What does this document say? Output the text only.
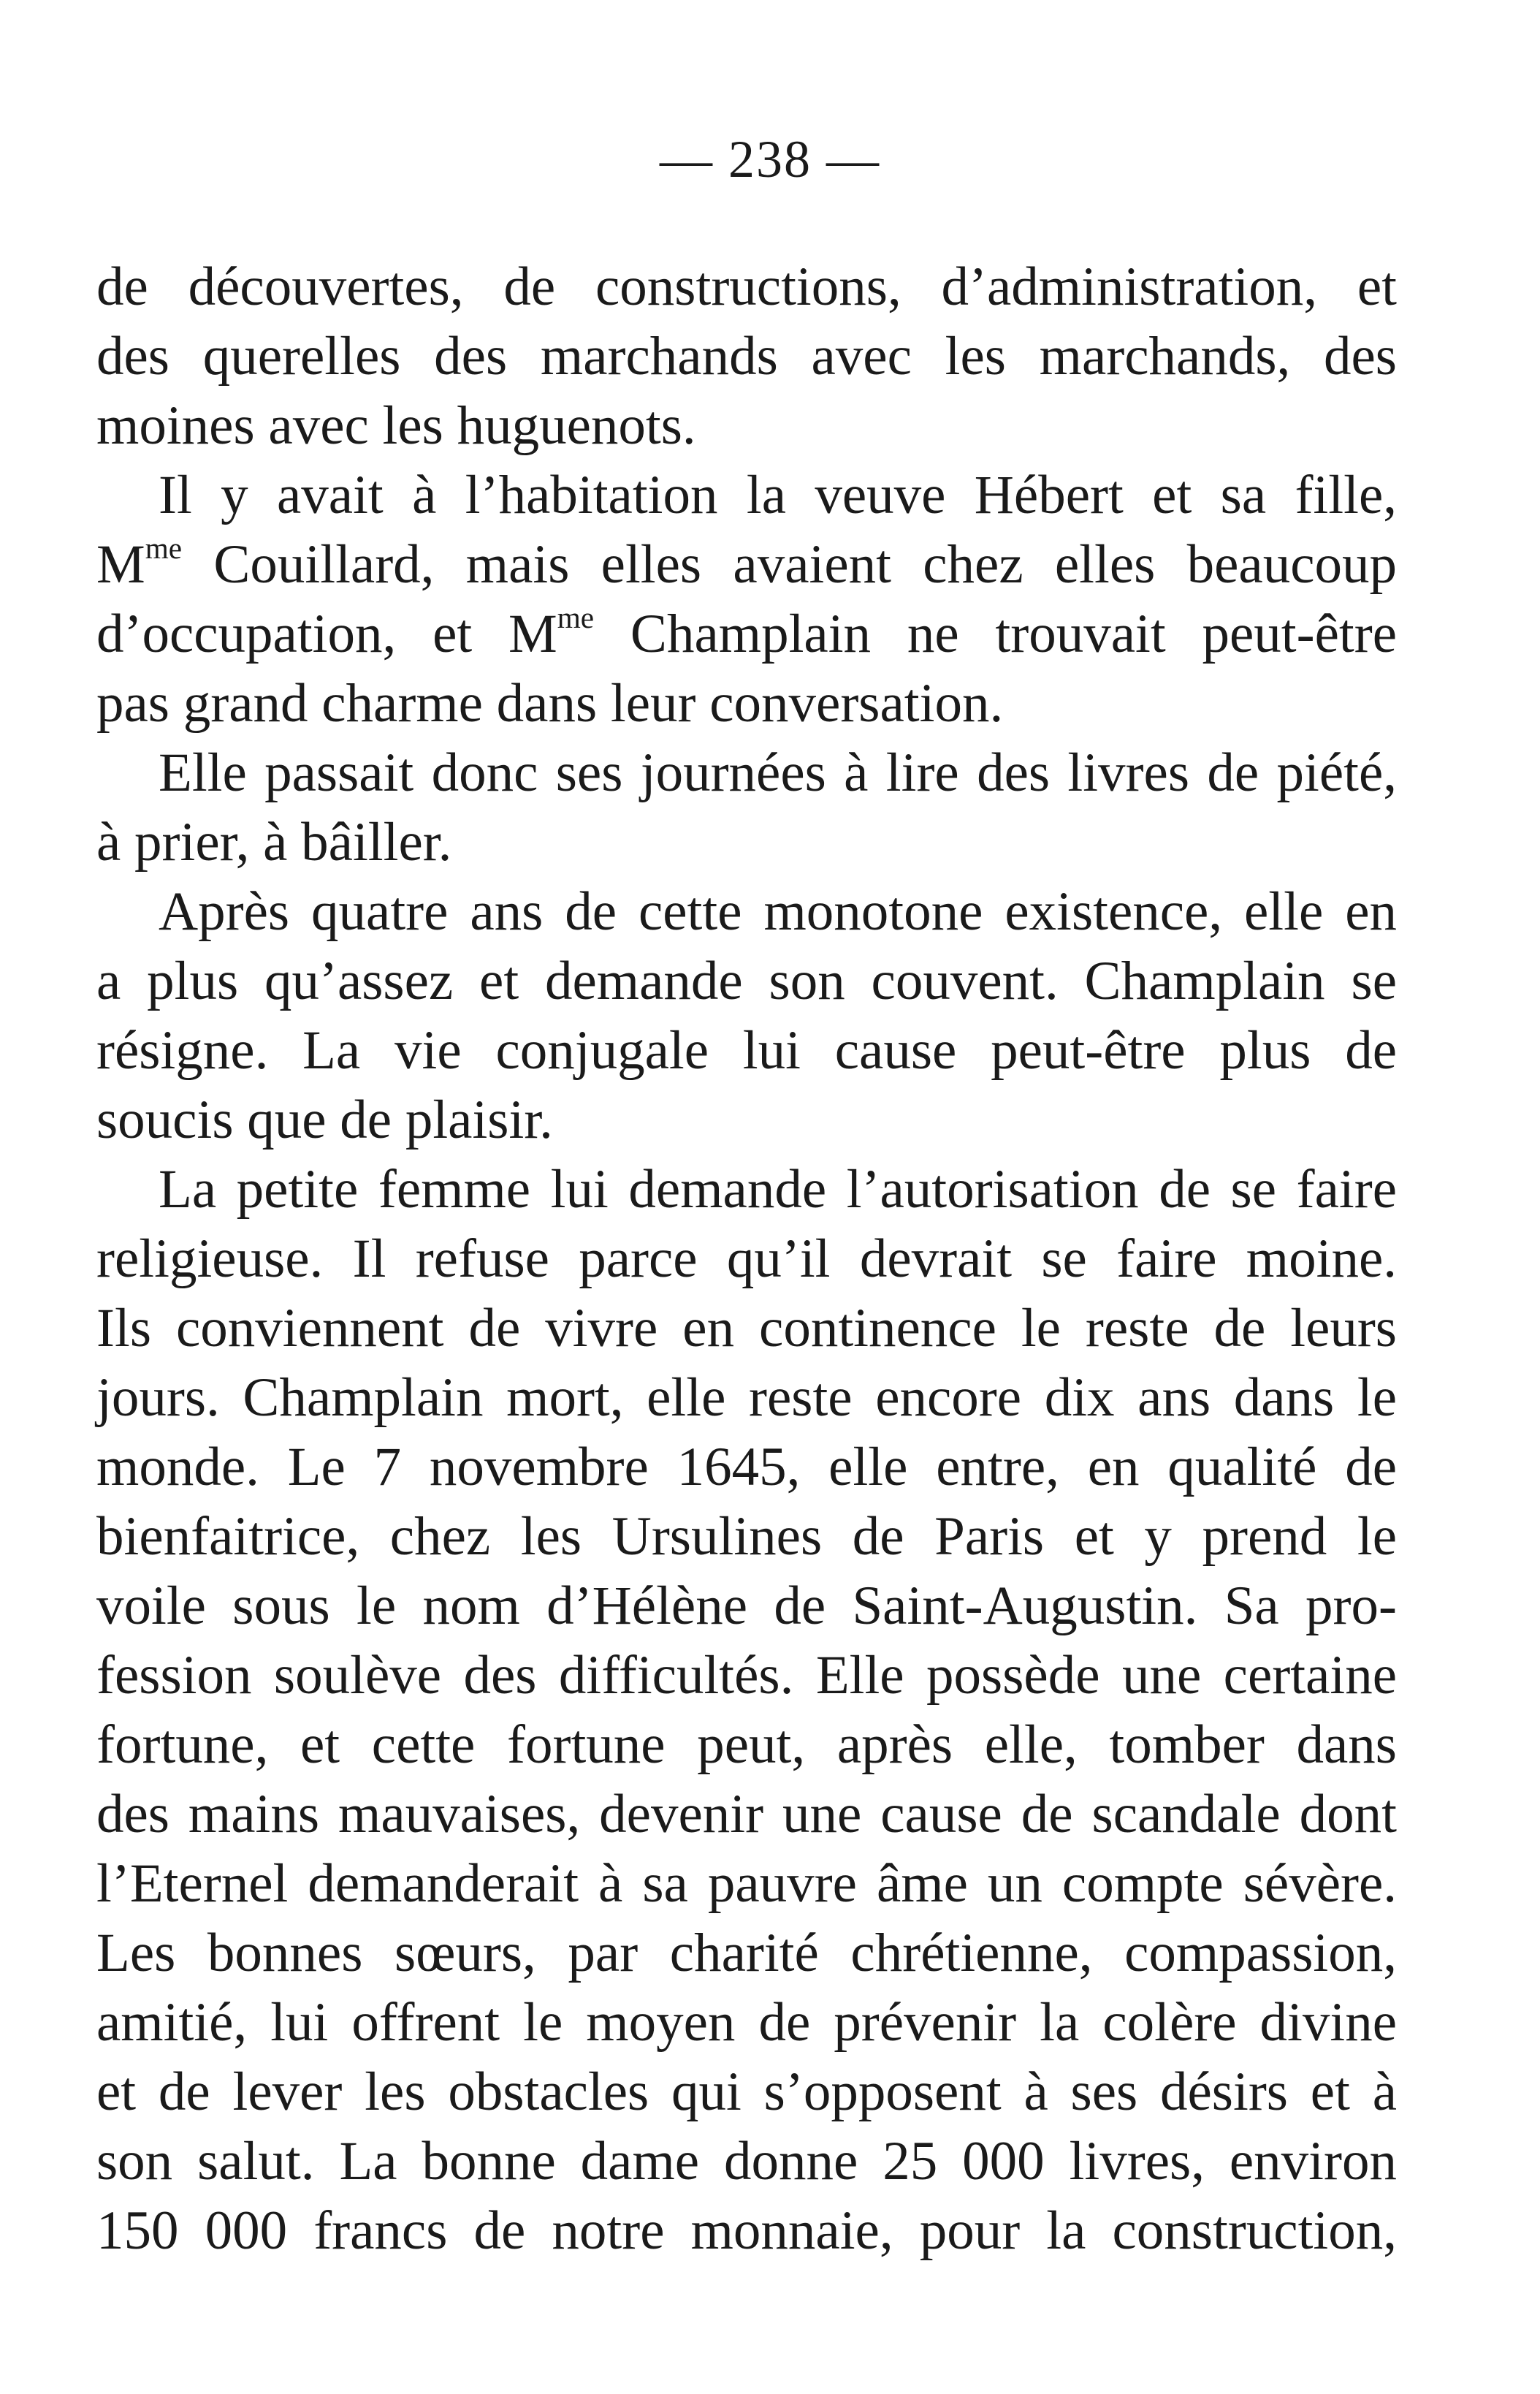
— 238 —
de découvertes, de constructions, d’administration, et
des querelles des marchands avec les marchands, des
moines avec les huguenots.
Il y avait à l’habitation la veuve Hébert et sa fille,
$M^{me}$ Couillard, mais elles avaient chez elles beaucoup
d’occupation, et $M^{me}$ Champlain ne trouvait peut-être
pas grand charme dans leur conversation.
Elle passait donc ses journées à lire des livres de piété,
à prier, à bâiller.
Après quatre ans de cette monotone existence, elle en
a plus qu’assez et demande son couvent. Champlain se
résigne. La vie conjugale lui cause peut-être plus de
soucis que de plaisir.
La petite femme lui demande l’autorisation de se faire
religieuse. Il refuse parce qu’il devrait se faire moine.
Ils conviennent de vivre en continence le reste de leurs
jours. Champlain mort, elle reste encore dix ans dans le
monde. Le 7 novembre 1645, elle entre, en qualité de
bienfaitrice, chez les Ursulines de Paris et y prend le
voile sous le nom d’Hélène de Saint-Augustin. Sa pro-
fession soulève des difficultés. Elle possède une certaine
fortune, et cette fortune peut, après elle, tomber dans
des mains mauvaises, devenir une cause de scandale dont
l’Eternel demanderait à sa pauvre âme un compte sévère.
Les bonnes sœurs, par charité chrétienne, compassion,
amitié, lui offrent le moyen de prévenir la colère divine
et de lever les obstacles qui s’opposent à ses désirs et à
son salut. La bonne dame donne 25 000 livres, environ
150 000 francs de notre monnaie, pour la construction,
